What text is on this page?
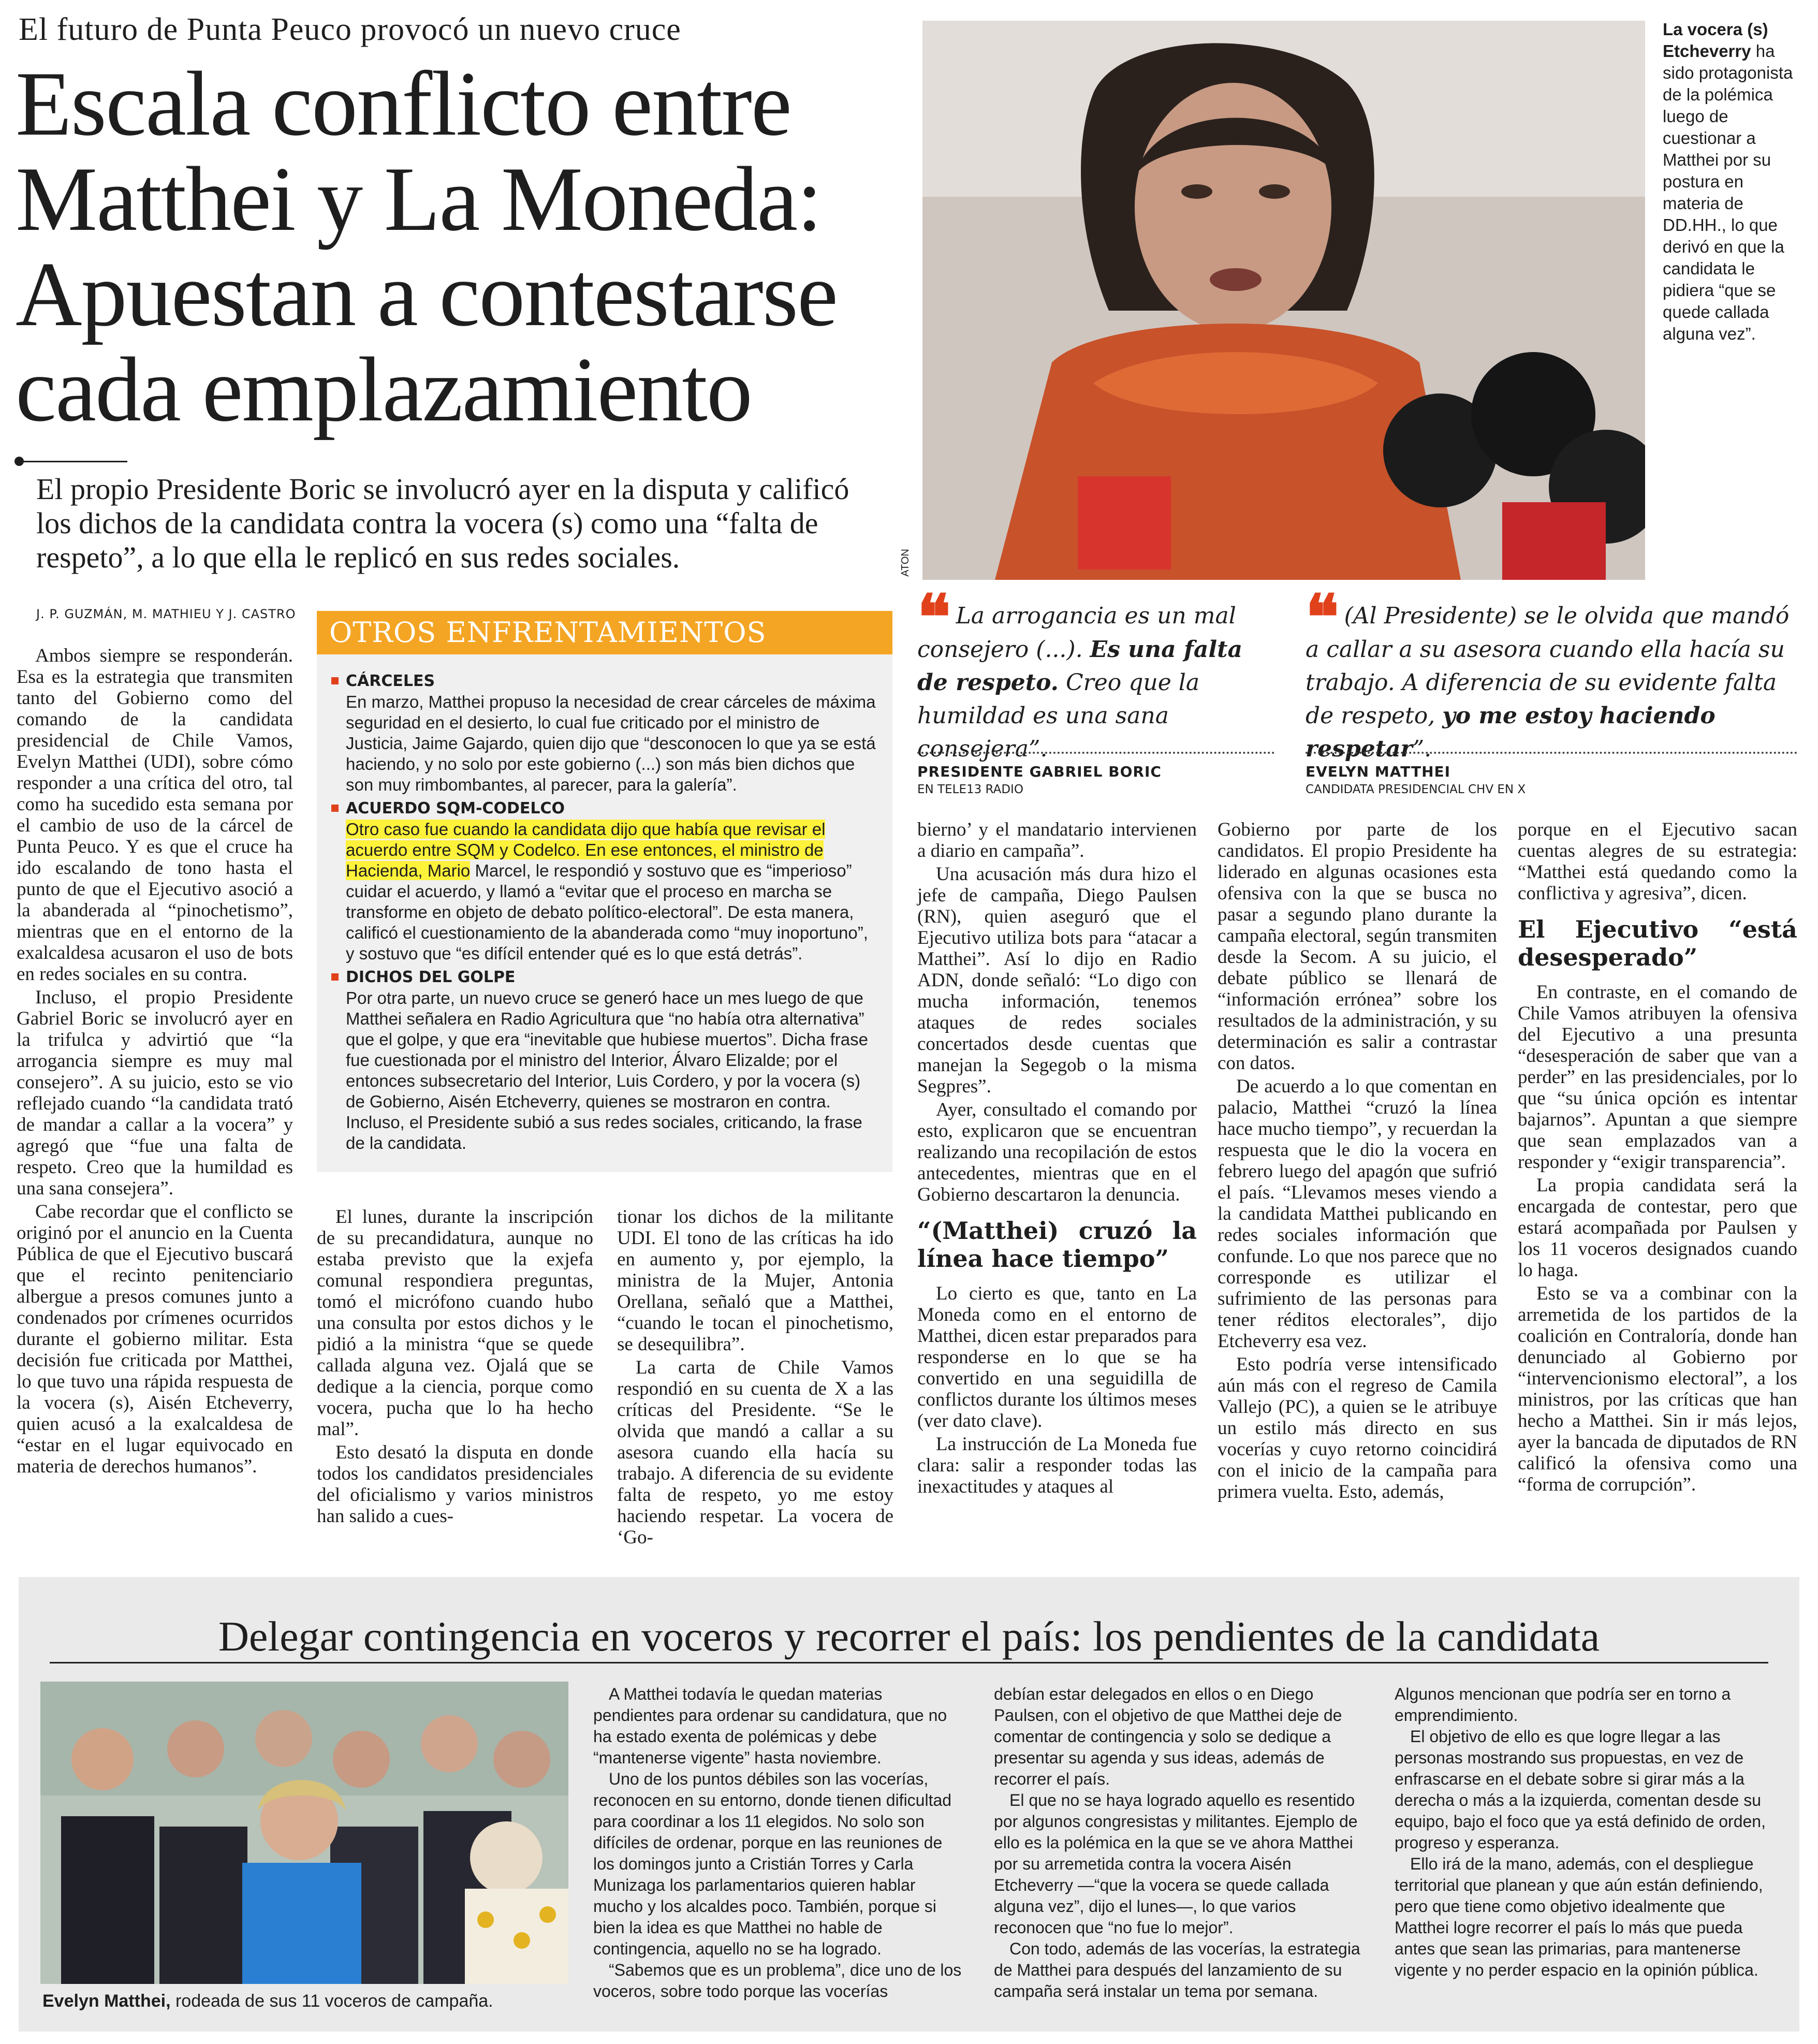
El futuro de Punta Peuco provocó un nuevo cruce
Escala conflicto entre
Matthei y La Moneda:
Apuestan a contestarse
cada emplazamiento
El propio Presidente Boric se involucró ayer en la disputa y calificó los dichos de la candidata contra la vocera (s) como una “falta de respeto”, a lo que ella le replicó en sus redes sociales.	ATON
La vocera (s) Etcheverry ha sido protagonista de la polémica luego de cuestionar a Matthei por su postura en materia de DD.HH., lo que derivó en que la candidata le pidiera “que se quede callada alguna vez”.
J. P. GUZMÁN, M. MATHIEU Y J. CASTRO

Ambos siempre se responderán. Esa es la estrategia que transmiten tanto del Gobierno como del comando de la candidata presidencial de Chile Vamos, Evelyn Matthei (UDI), sobre cómo responder a una crítica del otro, tal como ha sucedido esta semana por el cambio de uso de la cárcel de Punta Peuco. Y es que el cruce ha ido escalando de tono hasta el punto de que el Ejecutivo asoció a la abanderada al “pinochetismo”, mientras que en el entorno de la exalcaldesa acusaron el uso de bots en redes sociales en su contra.

Incluso, el propio Presidente Gabriel Boric se involucró ayer en la trifulca y advirtió que “la arrogancia siempre es muy mal consejero”. A su juicio, esto se vio reflejado cuando “la candidata trató de mandar a callar a la vocera” y agregó que “fue una falta de respeto. Creo que la humildad es una sana consejera”.

Cabe recordar que el conflicto se originó por el anuncio en la Cuenta Pública de que el Ejecutivo buscará que el recinto penitenciario albergue a presos comunes junto a condenados por crímenes ocurridos durante el gobierno militar. Esta decisión fue criticada por Matthei, lo que tuvo una rápida respuesta de la vocera (s), Aisén Etcheverry, quien acusó a la exalcaldesa de “estar en el lugar equivocado en materia de derechos humanos”.

OTROS ENFRENTAMIENTOS
CÁRCELES
En marzo, Matthei propuso la necesidad de crear cárceles de máxima seguridad en el desierto, lo cual fue criticado por el ministro de Justicia, Jaime Gajardo, quien dijo que “desconocen lo que ya se está haciendo, y no solo por este gobierno (...) son más bien dichos que son muy rimbombantes, al parecer, para la galería”.
ACUERDO SQM-CODELCO
Otro caso fue cuando la candidata dijo que había que revisar el acuerdo entre SQM y Codelco. En ese entonces, el ministro de Hacienda, Mario Marcel, le respondió y sostuvo que es “imperioso” cuidar el acuerdo, y llamó a “evitar que el proceso en marcha se transforme en objeto de debato político-electoral”. De esta manera, calificó el cuestionamiento de la abanderada como “muy inoportuno”, y sostuvo que “es difícil entender qué es lo que está detrás”.
DICHOS DEL GOLPE
Por otra parte, un nuevo cruce se generó hace un mes luego de que Matthei señalera en Radio Agricultura que “no había otra alternativa” que el golpe, y que era “inevitable que hubiese muertos”. Dicha frase fue cuestionada por el ministro del Interior, Álvaro Elizalde; por el entonces subsecretario del Interior, Luis Cordero, y por la vocera (s) de Gobierno, Aisén Etcheverry, quienes se mostraron en contra. Incluso, el Presidente subió a sus redes sociales, criticando, la frase de la candidata.

El lunes, durante la inscripción de su precandidatura, aunque no estaba previsto que la exjefa comunal respondiera preguntas, tomó el micrófono cuando hubo una consulta por estos dichos y le pidió a la ministra “que se quede callada alguna vez. Ojalá que se dedique a la ciencia, porque como vocera, pucha que lo ha hecho mal”.

Esto desató la disputa en donde todos los candidatos presidenciales del oficialismo y varios ministros han salido a cues-

tionar los dichos de la militante UDI. El tono de las críticas ha ido en aumento y, por ejemplo, la ministra de la Mujer, Antonia Orellana, señaló que a Matthei, “cuando le tocan el pinochetismo, se desequilibra”.

La carta de Chile Vamos respondió en su cuenta de X a las críticas del Presidente. “Se le olvida que mandó a callar a su asesora cuando ella hacía su trabajo. A diferencia de su evidente falta de respeto, yo me estoy haciendo respetar. La vocera de ‘Go-

❝ La arrogancia es un mal consejero (...). Es una falta de respeto. Creo que la humildad es una sana consejera”.
PRESIDENTE GABRIEL BORIC
EN TELE13 RADIO
❝ (Al Presidente) se le olvida que mandó a callar a su asesora cuando ella hacía su trabajo. A diferencia de su evidente falta de respeto, yo me estoy haciendo respetar”.
EVELYN MATTHEI
CANDIDATA PRESIDENCIAL CHV EN X

bierno’ y el mandatario intervienen a diario en campaña”.

Una acusación más dura hizo el jefe de campaña, Diego Paulsen (RN), quien aseguró que el Ejecutivo utiliza bots para “atacar a Matthei”. Así lo dijo en Radio ADN, donde señaló: “Lo digo con mucha información, tenemos ataques de redes sociales concertados desde cuentas que manejan la Segegob o la misma Segpres”.

Ayer, consultado el comando por esto, explicaron que se encuentran realizando una recopilación de estos antecedentes, mientras que en el Gobierno descartaron la denuncia.

“(Matthei) cruzó la línea hace tiempo”

Lo cierto es que, tanto en La Moneda como en el entorno de Matthei, dicen estar preparados para responderse en lo que se ha convertido en una seguidilla de conflictos durante los últimos meses (ver dato clave).

La instrucción de La Moneda fue clara: salir a responder todas las inexactitudes y ataques al

Gobierno por parte de los candidatos. El propio Presidente ha liderado en algunas ocasiones esta ofensiva con la que se busca no pasar a segundo plano durante la campaña electoral, según transmiten desde la Secom. A su juicio, el debate público se llenará de “información errónea” sobre los resultados de la administración, y su determinación es salir a contrastar con datos.

De acuerdo a lo que comentan en palacio, Matthei “cruzó la línea hace mucho tiempo”, y recuerdan la respuesta que le dio la vocera en febrero luego del apagón que sufrió el país. “Llevamos meses viendo a la candidata Matthei publicando en redes sociales información que confunde. Lo que nos parece que no corresponde es utilizar el sufrimiento de las personas para tener réditos electorales”, dijo Etcheverry esa vez.

Esto podría verse intensificado aún más con el regreso de Camila Vallejo (PC), a quien se le atribuye un estilo más directo en sus vocerías y cuyo retorno coincidirá con el inicio de la campaña para primera vuelta. Esto, además,

porque en el Ejecutivo sacan cuentas alegres de su estrategia: “Matthei está quedando como la conflictiva y agresiva”, dicen.

El Ejecutivo “está desesperado”

En contraste, en el comando de Chile Vamos atribuyen la ofensiva del Ejecutivo a una presunta “desesperación de saber que van a perder” en las presidenciales, por lo que “su única opción es intentar bajarnos”. Apuntan a que siempre que sean emplazados van a responder y “exigir transparencia”.

La propia candidata será la encargada de contestar, pero que estará acompañada por Paulsen y los 11 voceros designados cuando lo haga.

Esto se va a combinar con la arremetida de los partidos de la coalición en Contraloría, donde han denunciado al Gobierno por “intervencionismo electoral”, a los ministros, por las críticas que han hecho a Matthei. Sin ir más lejos, ayer la bancada de diputados de RN calificó la ofensiva como una “forma de corrupción”.

Delegar contingencia en voceros y recorrer el país: los pendientes de la candidata
Evelyn Matthei, rodeada de sus 11 voceros de campaña.

A Matthei todavía le quedan materias pendientes para ordenar su candidatura, que no ha estado exenta de polémicas y debe “mantenerse vigente” hasta noviembre.

Uno de los puntos débiles son las vocerías, reconocen en su entorno, donde tienen dificultad para coordinar a los 11 elegidos. No solo son difíciles de ordenar, porque en las reuniones de los domingos junto a Cristián Torres y Carla Munizaga los parlamentarios quieren hablar mucho y los alcaldes poco. También, porque si bien la idea es que Matthei no hable de contingencia, aquello no se ha logrado.

“Sabemos que es un problema”, dice uno de los voceros, sobre todo porque las vocerías

debían estar delegados en ellos o en Diego Paulsen, con el objetivo de que Matthei deje de comentar de contingencia y solo se dedique a presentar su agenda y sus ideas, además de recorrer el país.

El que no se haya logrado aquello es resentido por algunos congresistas y militantes. Ejemplo de ello es la polémica en la que se ve ahora Matthei por su arremetida contra la vocera Aisén Etcheverry —“que la vocera se quede callada alguna vez”, dijo el lunes—, lo que varios reconocen que “no fue lo mejor”.

Con todo, además de las vocerías, la estrategia de Matthei para después del lanzamiento de su campaña será instalar un tema por semana.

Algunos mencionan que podría ser en torno a emprendimiento.

El objetivo de ello es que logre llegar a las personas mostrando sus propuestas, en vez de enfrascarse en el debate sobre si girar más a la derecha o más a la izquierda, comentan desde su equipo, bajo el foco que ya está definido de orden, progreso y esperanza.

Ello irá de la mano, además, con el despliegue territorial que planean y que aún están definiendo, pero que tiene como objetivo idealmente que Matthei logre recorrer el país lo más que pueda antes que sean las primarias, para mantenerse vigente y no perder espacio en la opinión pública.
